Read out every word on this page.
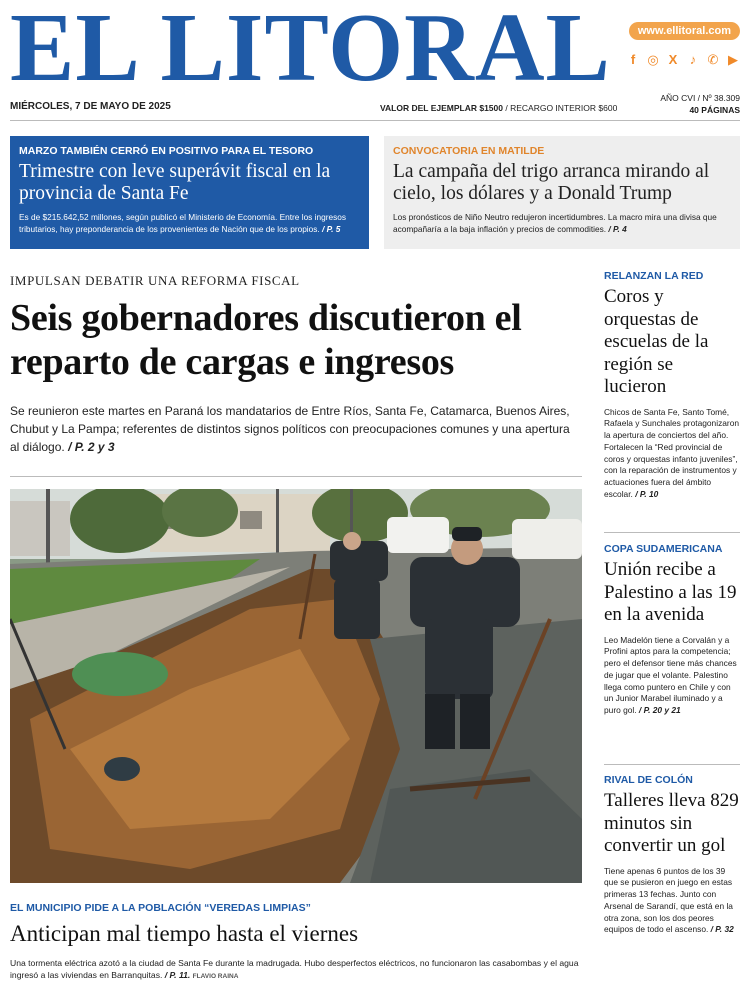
EL LITORAL	www.ellitoral.com
f ◎ X ♪ ✆ ▶
MIÉRCOLES, 7 DE MAYO DE 2025	VALOR DEL EJEMPLAR $1500 / RECARGO INTERIOR $600
AÑO CVI / Nº 38.309
40 PÁGINAS
MARZO TAMBIÉN CERRÓ EN POSITIVO PARA EL TESORO
Trimestre con leve superávit fiscal en la provincia de Santa Fe
Es de $215.642,52 millones, según publicó el Ministerio de Economía. Entre los ingresos tributarios, hay preponderancia de los provenientes de Nación que de los propios. / P. 5
CONVOCATORIA EN MATILDE
La campaña del trigo arranca mirando al cielo, los dólares y a Donald Trump
Los pronósticos de Niño Neutro redujeron incertidumbres. La macro mira una divisa que acompañaría a la baja inflación y precios de commodities. / P. 4
IMPULSAN DEBATIR UNA REFORMA FISCAL
Seis gobernadores discutieron el reparto de cargas e ingresos
Se reunieron este martes en Paraná los mandatarios de Entre Ríos, Santa Fe, Catamarca, Buenos Aires, Chubut y La Pampa; referentes de distintos signos políticos con preocupaciones comunes y una apertura al diálogo. / P. 2 y 3
EL MUNICIPIO PIDE A LA POBLACIÓN “VEREDAS LIMPIAS”
Anticipan mal tiempo hasta el viernes
Una tormenta eléctrica azotó a la ciudad de Santa Fe durante la madrugada. Hubo desperfectos eléctricos, no funcionaron las casabombas y el agua ingresó a las viviendas en Barranquitas. / P. 11. FLAVIO RAINA
RELANZAN LA RED
Coros y orquestas de escuelas de la región se lucieron
Chicos de Santa Fe, Santo Tomé, Rafaela y Sunchales protagonizaron la apertura de conciertos del año. Fortalecen la “Red provincial de coros y orquestas infanto juveniles”, con la reparación de instrumentos y actuaciones fuera del ámbito escolar. / P. 10
COPA SUDAMERICANA
Unión recibe a Palestino a las 19 en la avenida
Leo Madelón tiene a Corvalán y a Profini aptos para la competencia; pero el defensor tiene más chances de jugar que el volante. Palestino llega como puntero en Chile y con un Junior Marabel iluminado y a puro gol. / P. 20 y 21
RIVAL DE COLÓN
Talleres lleva 829 minutos sin convertir un gol
Tiene apenas 6 puntos de los 39 que se pusieron en juego en estas primeras 13 fechas. Junto con Arsenal de Sarandí, que está en la otra zona, son los dos peores equipos de todo el ascenso. / P. 32
